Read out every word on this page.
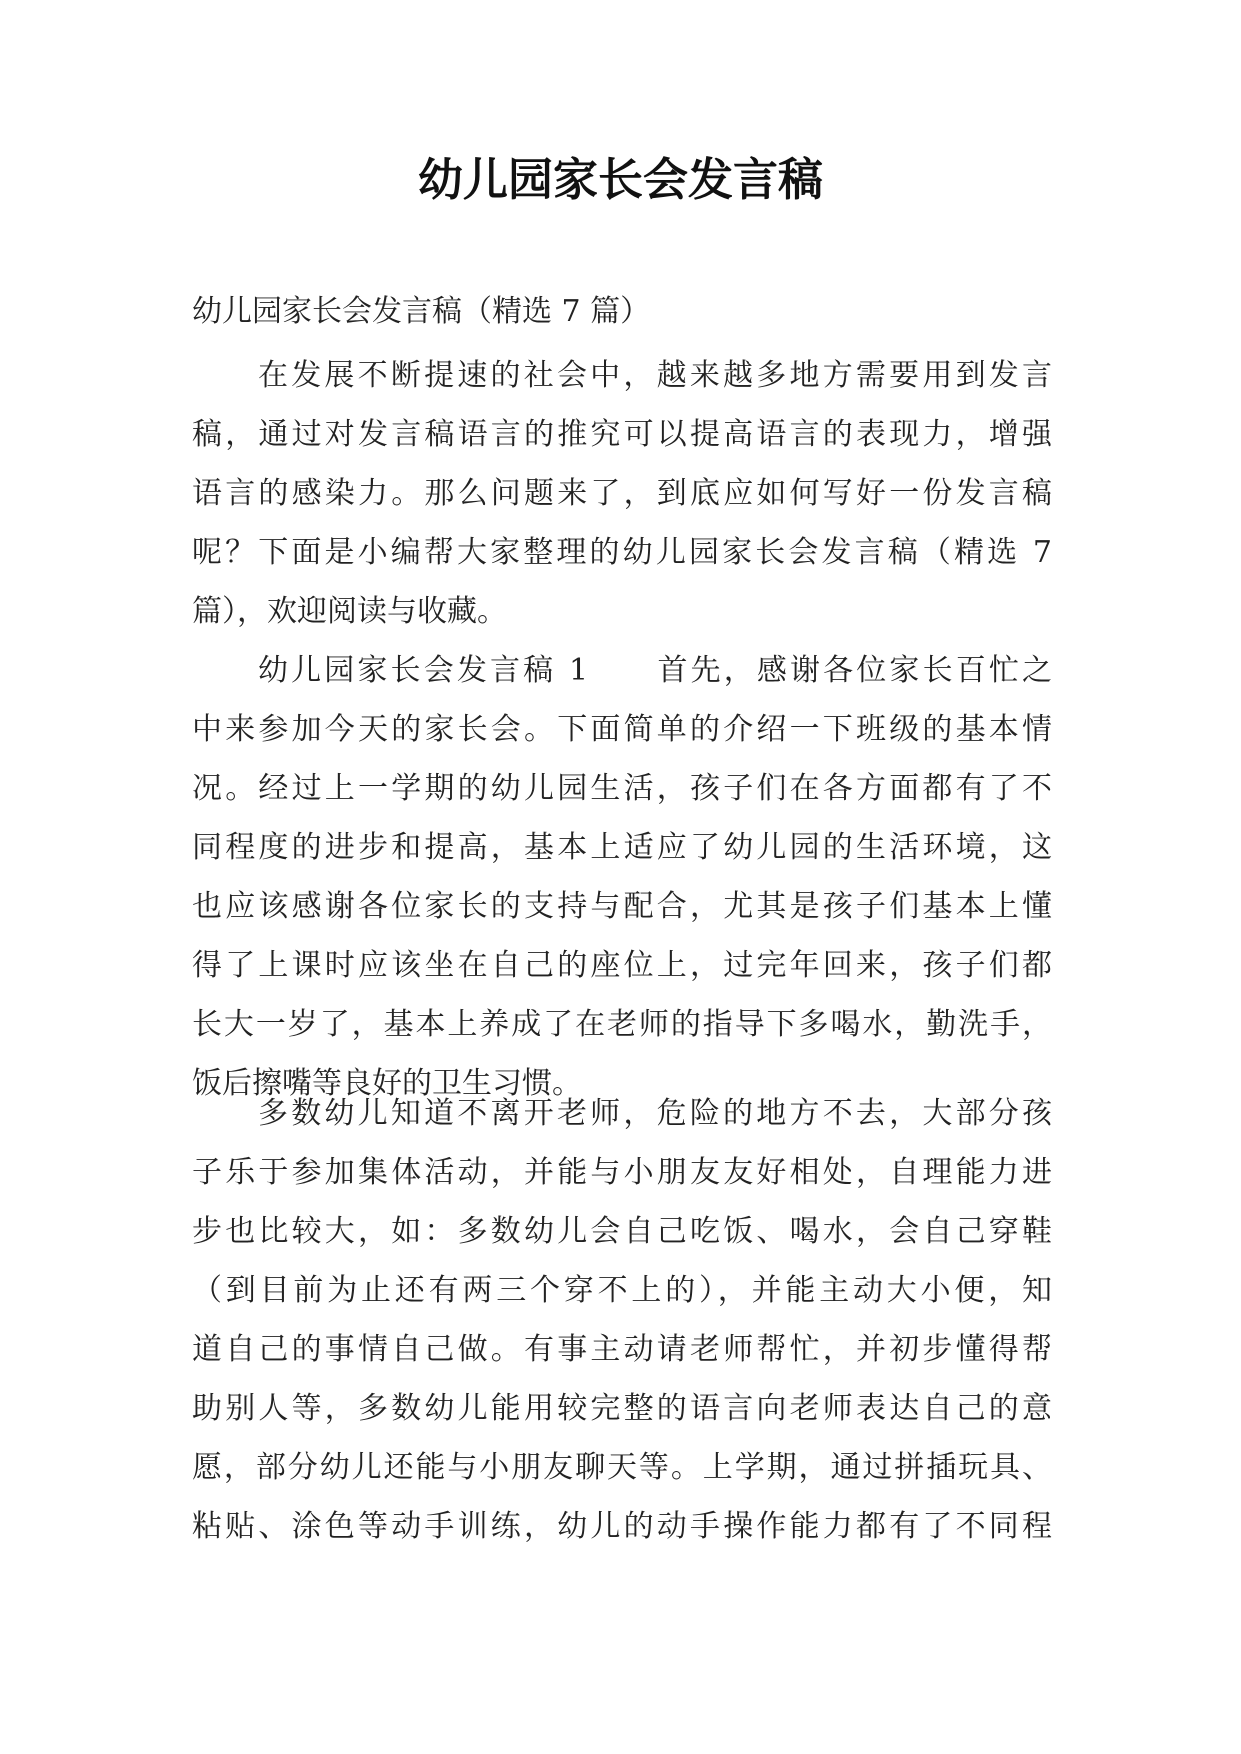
幼儿园家长会发言稿

幼儿园家长会发言稿（精选 7 篇）

在发展不断提速的社会中，越来越多地方需要用到发言
稿，通过对发言稿语言的推究可以提高语言的表现力，增强
语言的感染力。那么问题来了，到底应如何写好一份发言稿
呢？下面是小编帮大家整理的幼儿园家长会发言稿（精选 7
篇），欢迎阅读与收藏。
幼儿园家长会发言稿 1　　首先，感谢各位家长百忙之
中来参加今天的家长会。下面简单的介绍一下班级的基本情
况。经过上一学期的幼儿园生活，孩子们在各方面都有了不
同程度的进步和提高，基本上适应了幼儿园的生活环境，这
也应该感谢各位家长的支持与配合，尤其是孩子们基本上懂
得了上课时应该坐在自己的座位上，过完年回来，孩子们都
长大一岁了，基本上养成了在老师的指导下多喝水，勤洗手，
饭后擦嘴等良好的卫生习惯。
多数幼儿知道不离开老师，危险的地方不去，大部分孩
子乐于参加集体活动，并能与小朋友友好相处，自理能力进
步也比较大，如：多数幼儿会自己吃饭、喝水，会自己穿鞋
（到目前为止还有两三个穿不上的），并能主动大小便，知
道自己的事情自己做。有事主动请老师帮忙，并初步懂得帮
助别人等，多数幼儿能用较完整的语言向老师表达自己的意
愿，部分幼儿还能与小朋友聊天等。上学期，通过拼插玩具、
粘贴、涂色等动手训练，幼儿的动手操作能力都有了不同程
